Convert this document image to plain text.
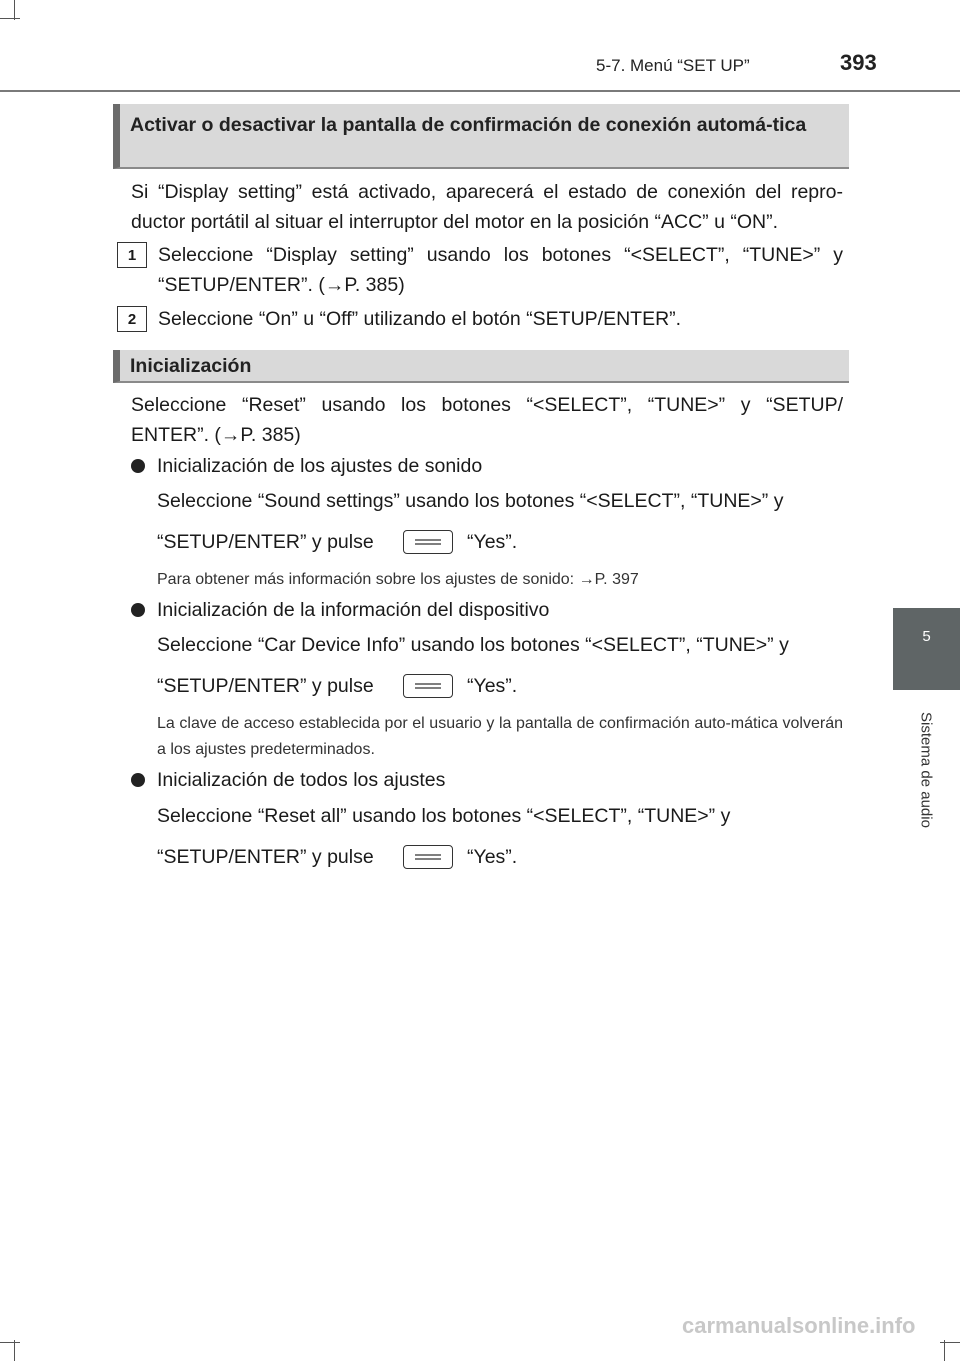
5-7. Menú “SET UP”	393
Activar o desactivar la pantalla de confirmación de conexión automá-tica
Si “Display setting” está activado, aparecerá el estado de conexión del repro-ductor portátil al situar el interruptor del motor en la posición “ACC” u “ON”.
1	Seleccione “Display setting” usando los botones “<SELECT”, “TUNE>” y “SETUP/ENTER”. (→P. 385)
2	Seleccione “On” u “Off” utilizando el botón “SETUP/ENTER”.
Inicialización
Seleccione “Reset” usando los botones “<SELECT”, “TUNE>” y “SETUP/ ENTER”. (→P. 385)
Inicialización de los ajustes de sonido
Seleccione “Sound settings” usando los botones “<SELECT”, “TUNE>” y
“SETUP/ENTER” y pulse	“Yes”.
Para obtener más información sobre los ajustes de sonido: →P. 397
Inicialización de la información del dispositivo
Seleccione “Car Device Info” usando los botones “<SELECT”, “TUNE>” y
“SETUP/ENTER” y pulse	“Yes”.
La clave de acceso establecida por el usuario y la pantalla de confirmación auto-mática volverán a los ajustes predeterminados.
Inicialización de todos los ajustes
Seleccione “Reset all” usando los botones “<SELECT”, “TUNE>” y
“SETUP/ENTER” y pulse	“Yes”.
5
Sistema de audio
carmanualsonline.info
